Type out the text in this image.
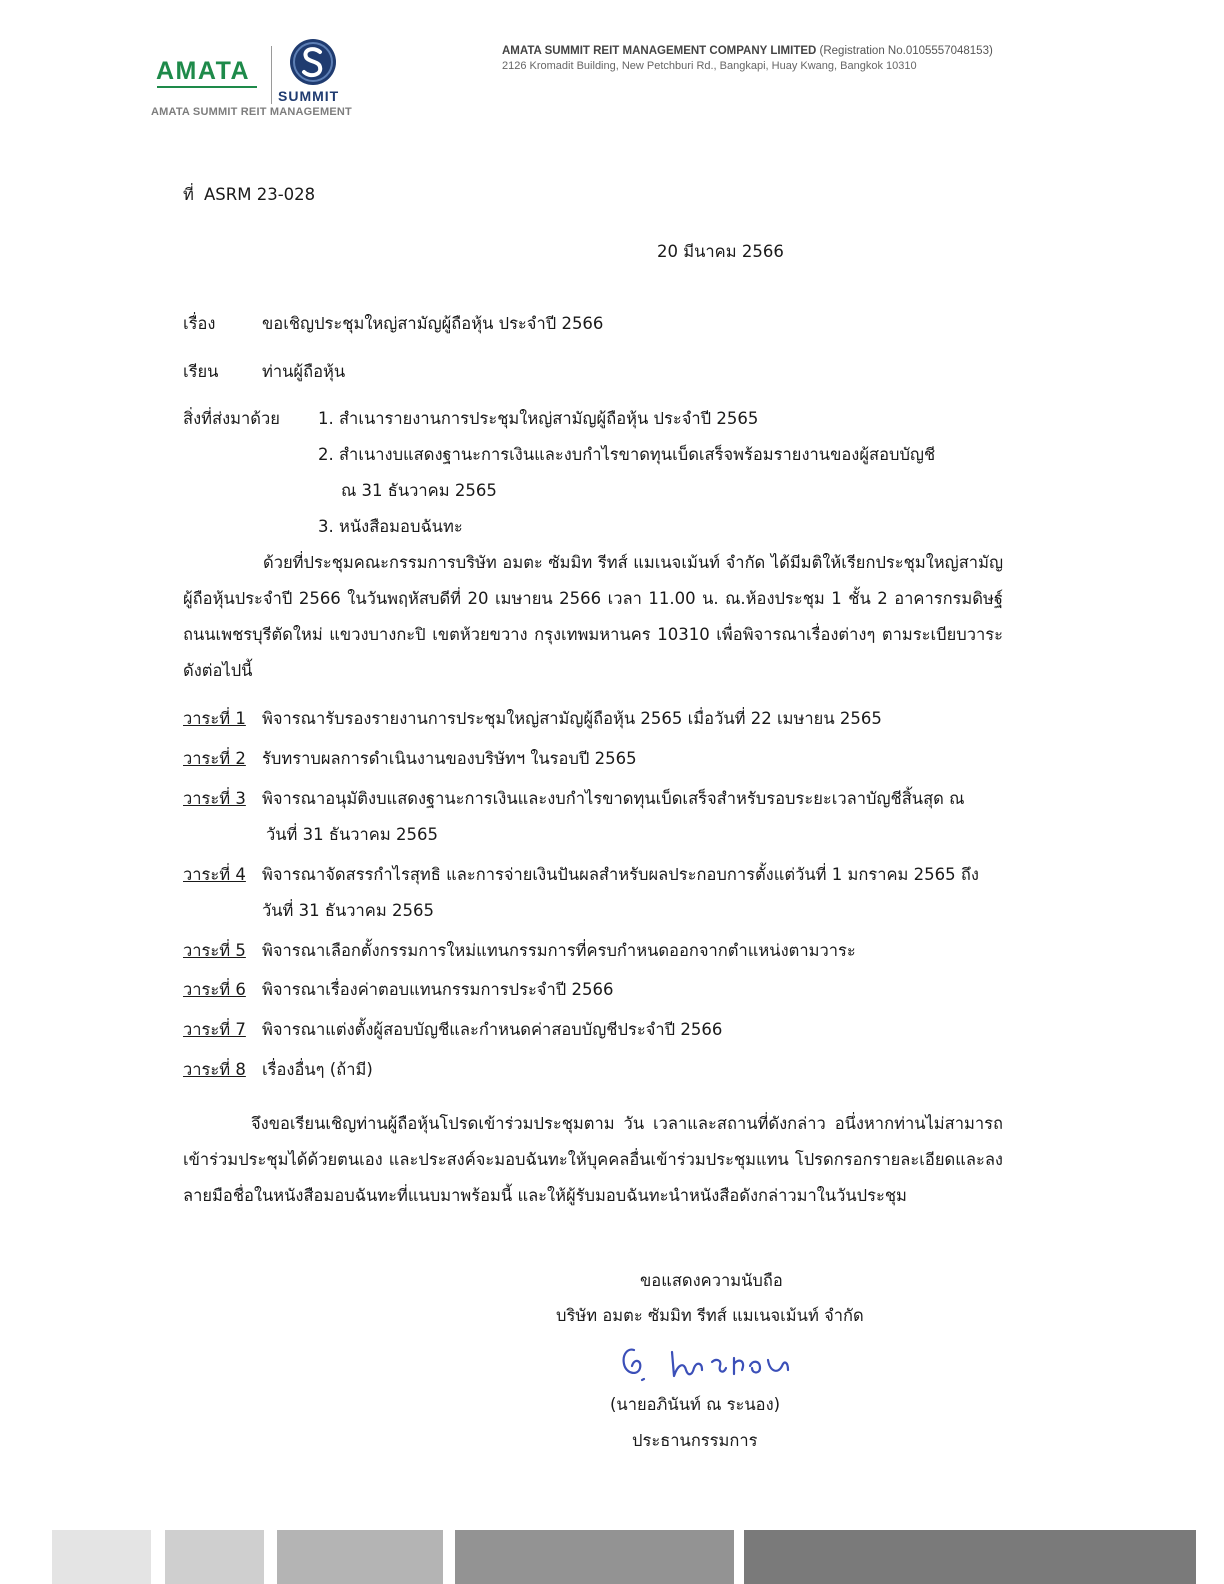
AMATA
SUMMIT
AMATA SUMMIT REIT MANAGEMENT
AMATA SUMMIT REIT MANAGEMENT COMPANY LIMITED (Registration No.0105557048153)
2126 Kromadit Building, New Petchburi Rd., Bangkapi, Huay Kwang, Bangkok 10310
ที่ ASRM 23-028
20 มีนาคม 2566
เรื่อง	ขอเชิญประชุมใหญ่สามัญผู้ถือหุ้น ประจำปี 2566
เรียน	ท่านผู้ถือหุ้น
สิ่งที่ส่งมาด้วย 1. สำเนารายงานการประชุมใหญ่สามัญผู้ถือหุ้น ประจำปี 2565
2. สำเนางบแสดงฐานะการเงินและงบกำไรขาดทุนเบ็ดเสร็จพร้อมรายงานของผู้สอบบัญชี
ณ 31 ธันวาคม 2565
3. หนังสือมอบฉันทะ
ด้วยที่ประชุมคณะกรรมการบริษัท อมตะ ซัมมิท รีทส์ แมเนจเม้นท์ จำกัด ได้มีมติให้เรียกประชุมใหญ่สามัญผู้ถือหุ้นประจำปี 2566 ในวันพฤหัสบดีที่ 20 เมษายน 2566 เวลา 11.00 น. ณ.ห้องประชุม 1 ชั้น 2 อาคารกรมดิษฐ์ ถนนเพชรบุรีตัดใหม่ แขวงบางกะปิ เขตห้วยขวาง กรุงเทพมหานคร 10310 เพื่อพิจารณาเรื่องต่างๆ ตามระเบียบวาระดังต่อไปนี้
วาระที่ 1 พิจารณารับรองรายงานการประชุมใหญ่สามัญผู้ถือหุ้น 2565 เมื่อวันที่ 22 เมษายน 2565
วาระที่ 2 รับทราบผลการดำเนินงานของบริษัทฯ ในรอบปี 2565
วาระที่ 3 พิจารณาอนุมัติงบแสดงฐานะการเงินและงบกำไรขาดทุนเบ็ดเสร็จสำหรับรอบระยะเวลาบัญชีสิ้นสุด ณ
วันที่ 31 ธันวาคม 2565
วาระที่ 4 พิจารณาจัดสรรกำไรสุทธิ และการจ่ายเงินปันผลสำหรับผลประกอบการตั้งแต่วันที่ 1 มกราคม 2565 ถึง
วันที่ 31 ธันวาคม 2565
วาระที่ 5 พิจารณาเลือกตั้งกรรมการใหม่แทนกรรมการที่ครบกำหนดออกจากตำแหน่งตามวาระ
วาระที่ 6 พิจารณาเรื่องค่าตอบแทนกรรมการประจำปี 2566
วาระที่ 7 พิจารณาแต่งตั้งผู้สอบบัญชีและกำหนดค่าสอบบัญชีประจำปี 2566
วาระที่ 8 เรื่องอื่นๆ (ถ้ามี)
จึงขอเรียนเชิญท่านผู้ถือหุ้นโปรดเข้าร่วมประชุมตาม วัน เวลาและสถานที่ดังกล่าว อนึ่งหากท่านไม่สามารถเข้าร่วมประชุมได้ด้วยตนเอง และประสงค์จะมอบฉันทะให้บุคคลอื่นเข้าร่วมประชุมแทน โปรดกรอกรายละเอียดและลงลายมือชื่อในหนังสือมอบฉันทะที่แนบมาพร้อมนี้ และให้ผู้รับมอบฉันทะนำหนังสือดังกล่าวมาในวันประชุม
ขอแสดงความนับถือ
บริษัท อมตะ ซัมมิท รีทส์ แมเนจเม้นท์ จำกัด
(นายอภินันท์ ณ ระนอง)
ประธานกรรมการ
